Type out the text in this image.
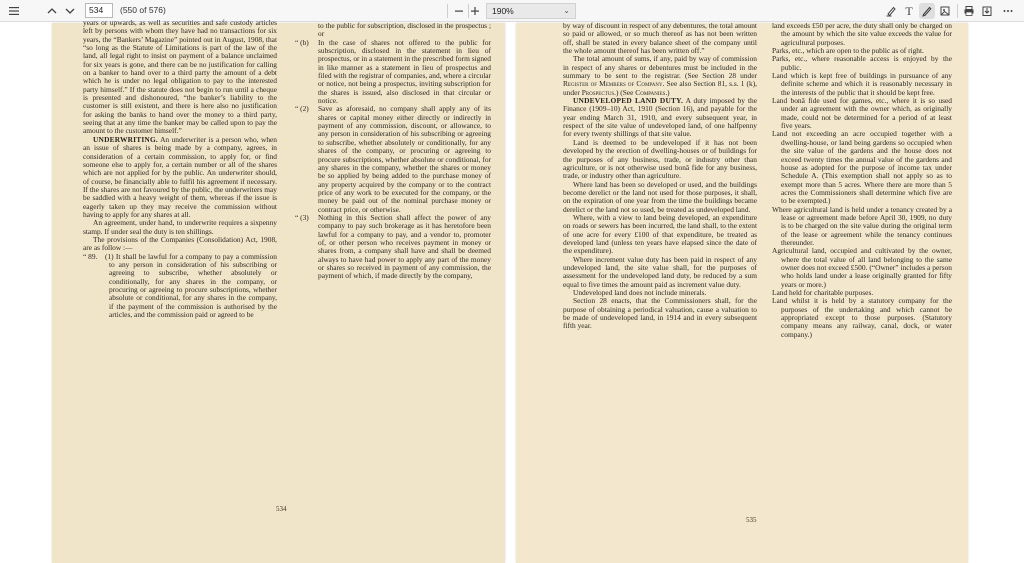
534	(550 of 576)	190%	⌄	T

years or upwards, as well as securities and safe custody articles left by persons with whom they have had no transactions for six years, the “Bankers’ Magazine” pointed out in August, 1908, that “so long as the Statute of Limitations is part of the law of the land, all legal right to insist on payment of a balance unclaimed for six years is gone, and there can be no justification for calling on a banker to hand over to a third party the amount of a debt which he is under no legal obligation to pay to the interested party himself.” If the statute does not begin to run until a cheque is presented and dishonoured, “the banker’s liability to the customer is still existent, and there is here also no justification for asking the banks to hand over the money to a third party, seeing that at any time the banker may be called upon to pay the amount to the customer himself.”

UNDERWRITING. An underwriter is a person who, when an issue of shares is being made by a company, agrees, in consideration of a certain commission, to apply for, or find someone else to apply for, a certain number or all of the shares which are not applied for by the public. An underwriter should, of course, be financially able to fulfil his agreement if necessary. If the shares are not favoured by the public, the underwriters may be saddled with a heavy weight of them, whereas if the issue is eagerly taken up they may receive the commission without having to apply for any shares at all.

An agreement, under hand, to underwrite requires a sixpenny stamp. If under seal the duty is ten shillings.

The provisions of the Companies (Consolidation) Act, 1908, are as follow :—

“ 89. (1) It shall be lawful for a company to pay a commission to any person in consideration of his subscribing or agreeing to subscribe, whether absolutely or conditionally, for any shares in the company, or procuring or agreeing to procure subscriptions, whether absolute or conditional, for any shares in the company, if the payment of the commission is authorised by the articles, and the commission paid or agreed to be

534

to the public for subscription, disclosed in the prospectus ; or

“ (b) In the case of shares not offered to the public for subscription, disclosed in the statement in lieu of prospectus, or in a statement in the prescribed form signed in like manner as a statement in lieu of prospectus and filed with the registrar of companies, and, where a circular or notice, not being a prospectus, inviting subscription for the shares is issued, also disclosed in that circular or notice.

“ (2) Save as aforesaid, no company shall apply any of its shares or capital money either directly or indirectly in payment of any commission, discount, or allowance, to any person in consideration of his subscribing or agreeing to subscribe, whether absolutely or conditionally, for any shares of the company, or procuring or agreeing to procure subscriptions, whether absolute or conditional, for any shares in the company, whether the shares or money be so applied by being added to the purchase money of any property acquired by the company or to the contract price of any work to be executed for the company, or the money be paid out of the nominal purchase money or contract price, or otherwise.

“ (3) Nothing in this Section shall affect the power of any company to pay such brokerage as it has heretofore been lawful for a company to pay, and a vendor to, promoter of, or other person who receives payment in money or shares from, a company shall have and shall be deemed always to have had power to apply any part of the money or shares so received in payment of any commission, the payment of which, if made directly by the company,

by way of discount in respect of any debentures, the total amount so paid or allowed, or so much thereof as has not been written off, shall be stated in every balance sheet of the company until the whole amount thereof has been written off.”

The total amount of sums, if any, paid by way of commission in respect of any shares or debentures must be included in the summary to be sent to the registrar. (See Section 28 under Register of Members of Company. See also Section 81, s.s. 1 (k), under Prospectus.) (See Companies.)

UNDEVELOPED LAND DUTY. A duty imposed by the Finance (1909–10) Act, 1910 (Section 16), and payable for the year ending March 31, 1910, and every subsequent year, in respect of the site value of undeveloped land, of one halfpenny for every twenty shillings of that site value.

Land is deemed to be undeveloped if it has not been developed by the erection of dwelling-houses or of buildings for the purposes of any business, trade, or industry other than agriculture, or is not otherwise used bonâ fide for any business, trade, or industry other than agriculture.

Where land has been so developed or used, and the buildings become derelict or the land not used for those purposes, it shall, on the expiration of one year from the time the buildings became derelict or the land not so used, be treated as undeveloped land.

Where, with a view to land being developed, an expenditure on roads or sewers has been incurred, the land shall, to the extent of one acre for every £100 of that expenditure, be treated as developed land (unless ten years have elapsed since the date of the expenditure).

Where increment value duty has been paid in respect of any undeveloped land, the site value shall, for the purposes of assessment for the undeveloped land duty, be reduced by a sum equal to five times the amount paid as increment value duty.

Undeveloped land does not include minerals.

Section 28 enacts, that the Commissioners shall, for the purpose of obtaining a periodical valuation, cause a valuation to be made of undeveloped land, in 1914 and in every subsequent fifth year.

535

land exceeds £50 per acre, the duty shall only be charged on the amount by which the site value exceeds the value for agricultural purposes.

Parks, etc., which are open to the public as of right.

Parks, etc., where reasonable access is enjoyed by the public.

Land which is kept free of buildings in pursuance of any definite scheme and which it is reasonably necessary in the interests of the public that it should be kept free.

Land bonâ fide used for games, etc., where it is so used under an agreement with the owner which, as originally made, could not be determined for a period of at least five years.

Land not exceeding an acre occupied together with a dwelling-house, or land being gardens so occupied when the site value of the gardens and the house does not exceed twenty times the annual value of the gardens and house as adopted for the purpose of income tax under Schedule A. (This exemption shall not apply so as to exempt more than 5 acres. Where there are more than 5 acres the Commissioners shall determine which five are to be exempted.)

Where agricultural land is held under a tenancy created by a lease or agreement made before April 30, 1909, no duty is to be charged on the site value during the original term of the lease or agreement while the tenancy continues thereunder.

Agricultural land, occupied and cultivated by the owner, where the total value of all land belonging to the same owner does not exceed £500. (“Owner” includes a person who holds land under a lease originally granted for fifty years or more.)

Land held for charitable purposes.

Land whilst it is held by a statutory company for the purposes of the undertaking and which cannot be appropriated except to those purposes. (Statutory company means any railway, canal, dock, or water company.)
